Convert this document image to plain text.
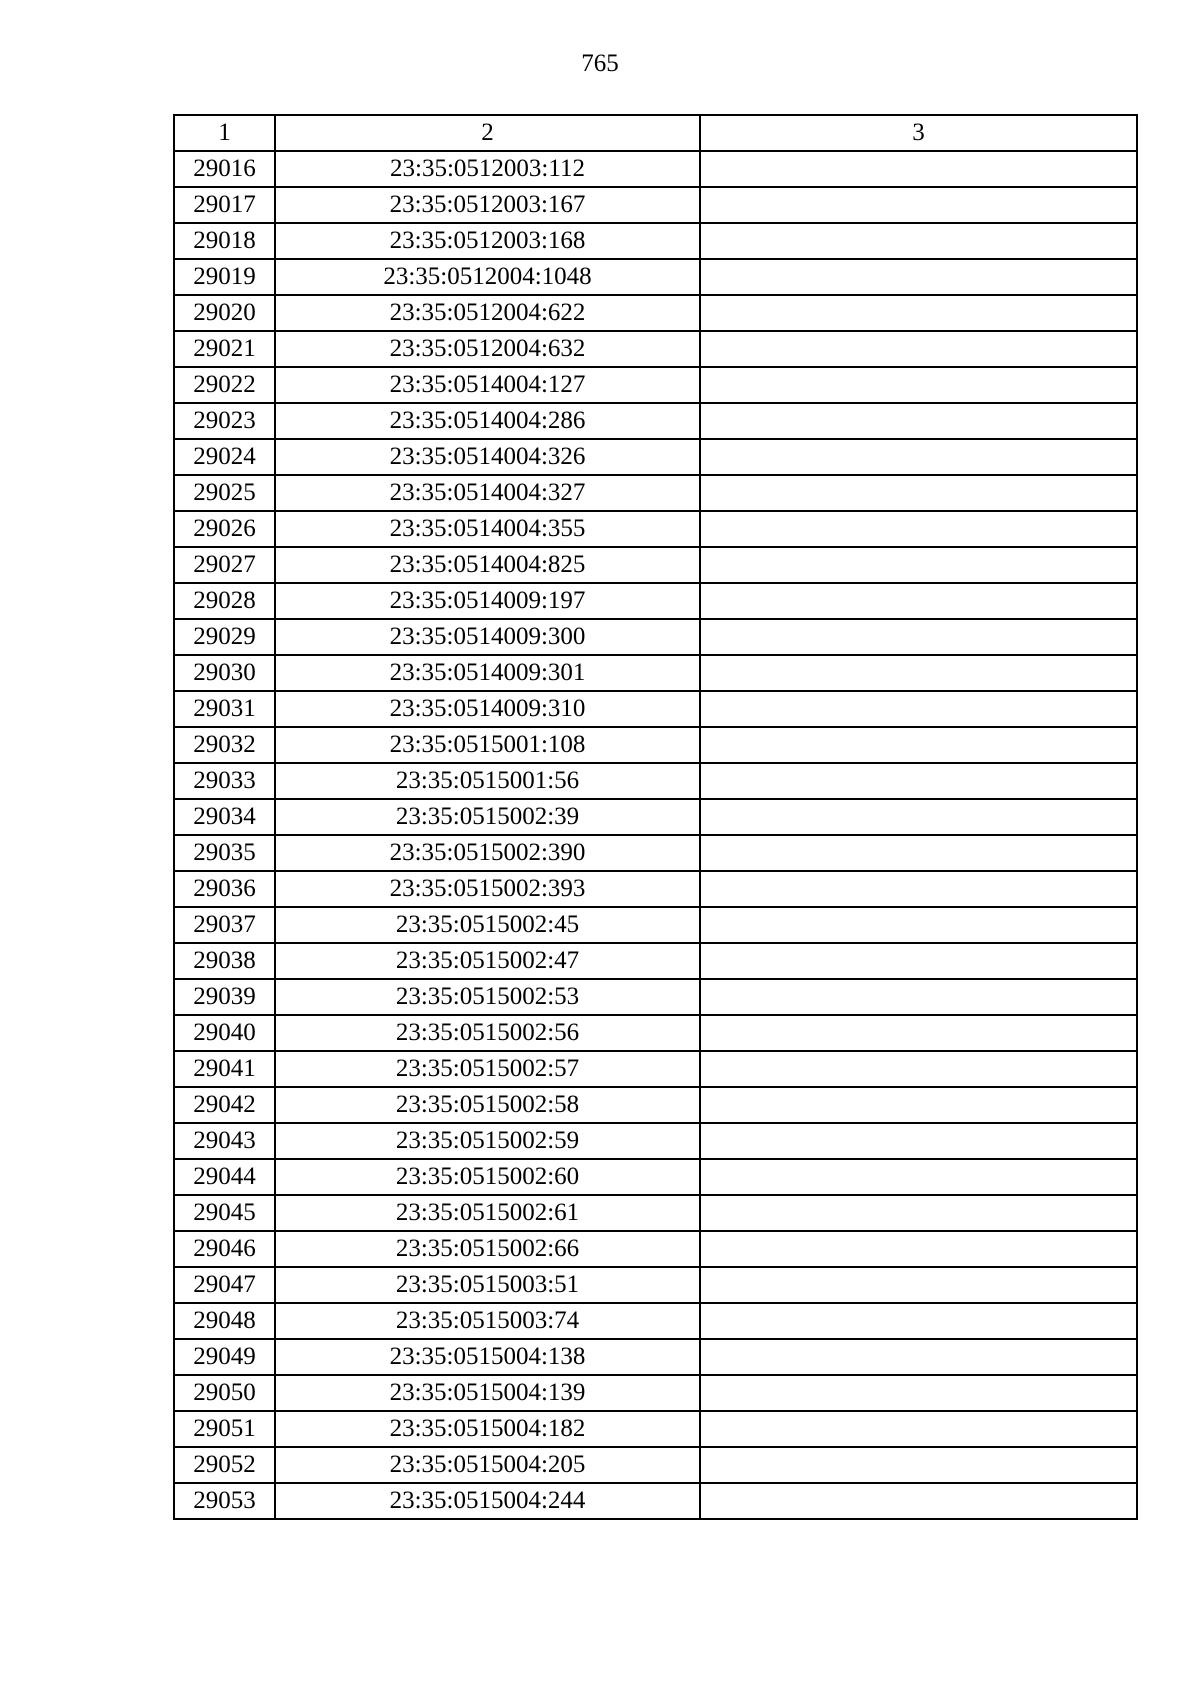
765
1	2	3
29016	23:35:0512003:112	
29017	23:35:0512003:167	
29018	23:35:0512003:168	
29019	23:35:0512004:1048	
29020	23:35:0512004:622	
29021	23:35:0512004:632	
29022	23:35:0514004:127	
29023	23:35:0514004:286	
29024	23:35:0514004:326	
29025	23:35:0514004:327	
29026	23:35:0514004:355	
29027	23:35:0514004:825	
29028	23:35:0514009:197	
29029	23:35:0514009:300	
29030	23:35:0514009:301	
29031	23:35:0514009:310	
29032	23:35:0515001:108	
29033	23:35:0515001:56	
29034	23:35:0515002:39	
29035	23:35:0515002:390	
29036	23:35:0515002:393	
29037	23:35:0515002:45	
29038	23:35:0515002:47	
29039	23:35:0515002:53	
29040	23:35:0515002:56	
29041	23:35:0515002:57	
29042	23:35:0515002:58	
29043	23:35:0515002:59	
29044	23:35:0515002:60	
29045	23:35:0515002:61	
29046	23:35:0515002:66	
29047	23:35:0515003:51	
29048	23:35:0515003:74	
29049	23:35:0515004:138	
29050	23:35:0515004:139	
29051	23:35:0515004:182	
29052	23:35:0515004:205	
29053	23:35:0515004:244	
